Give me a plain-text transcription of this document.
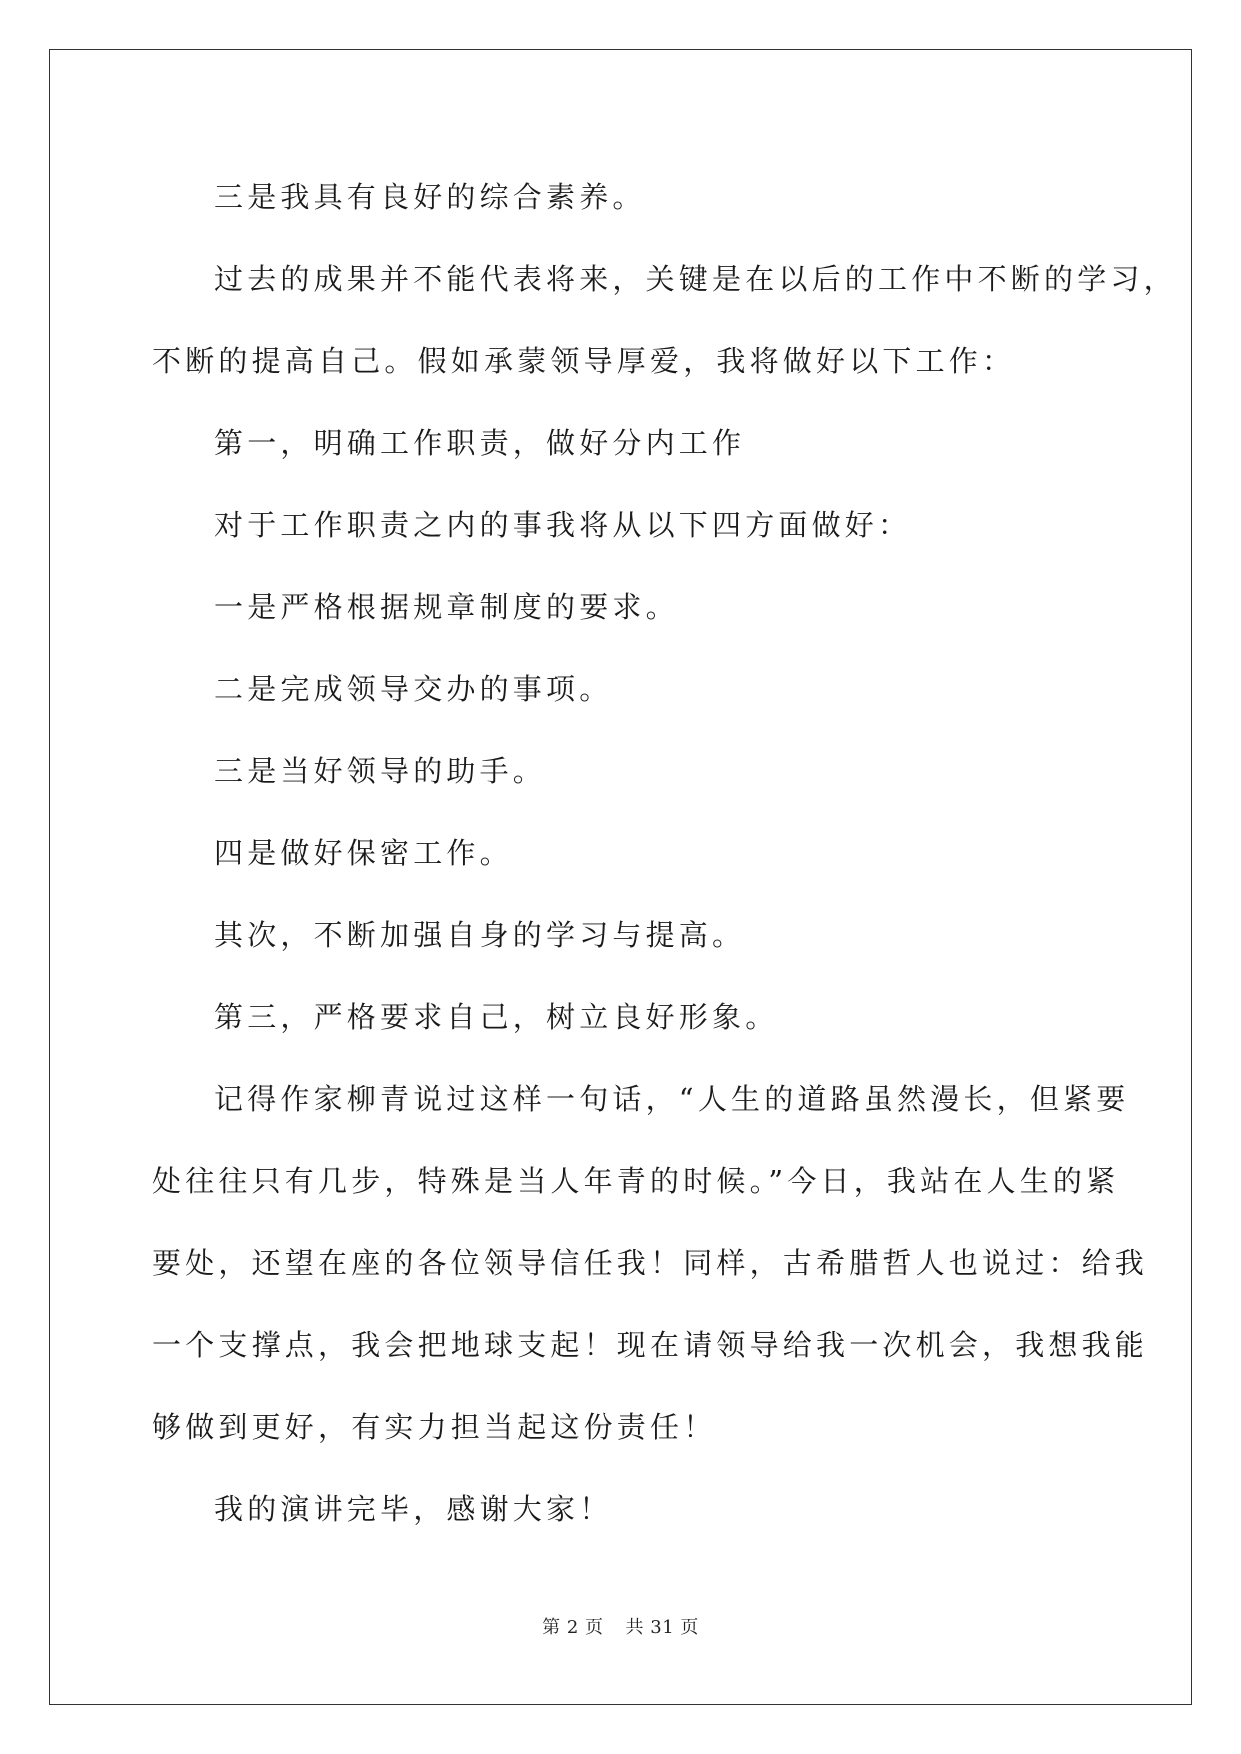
三是我具有良好的综合素养。

过去的成果并不能代表将来，关键是在以后的工作中不断的学习，

不断的提高自己。假如承蒙领导厚爱，我将做好以下工作：

第一，明确工作职责，做好分内工作

对于工作职责之内的事我将从以下四方面做好：

一是严格根据规章制度的要求。

二是完成领导交办的事项。

三是当好领导的助手。

四是做好保密工作。

其次，不断加强自身的学习与提高。

第三，严格要求自己，树立良好形象。

记得作家柳青说过这样一句话，“人生的道路虽然漫长，但紧要

处往往只有几步，特殊是当人年青的时候。”今日，我站在人生的紧

要处，还望在座的各位领导信任我！同样，古希腊哲人也说过：给我

一个支撑点，我会把地球支起！现在请领导给我一次机会，我想我能

够做到更好，有实力担当起这份责任！

我的演讲完毕，感谢大家！

第 2 页 共 31 页
